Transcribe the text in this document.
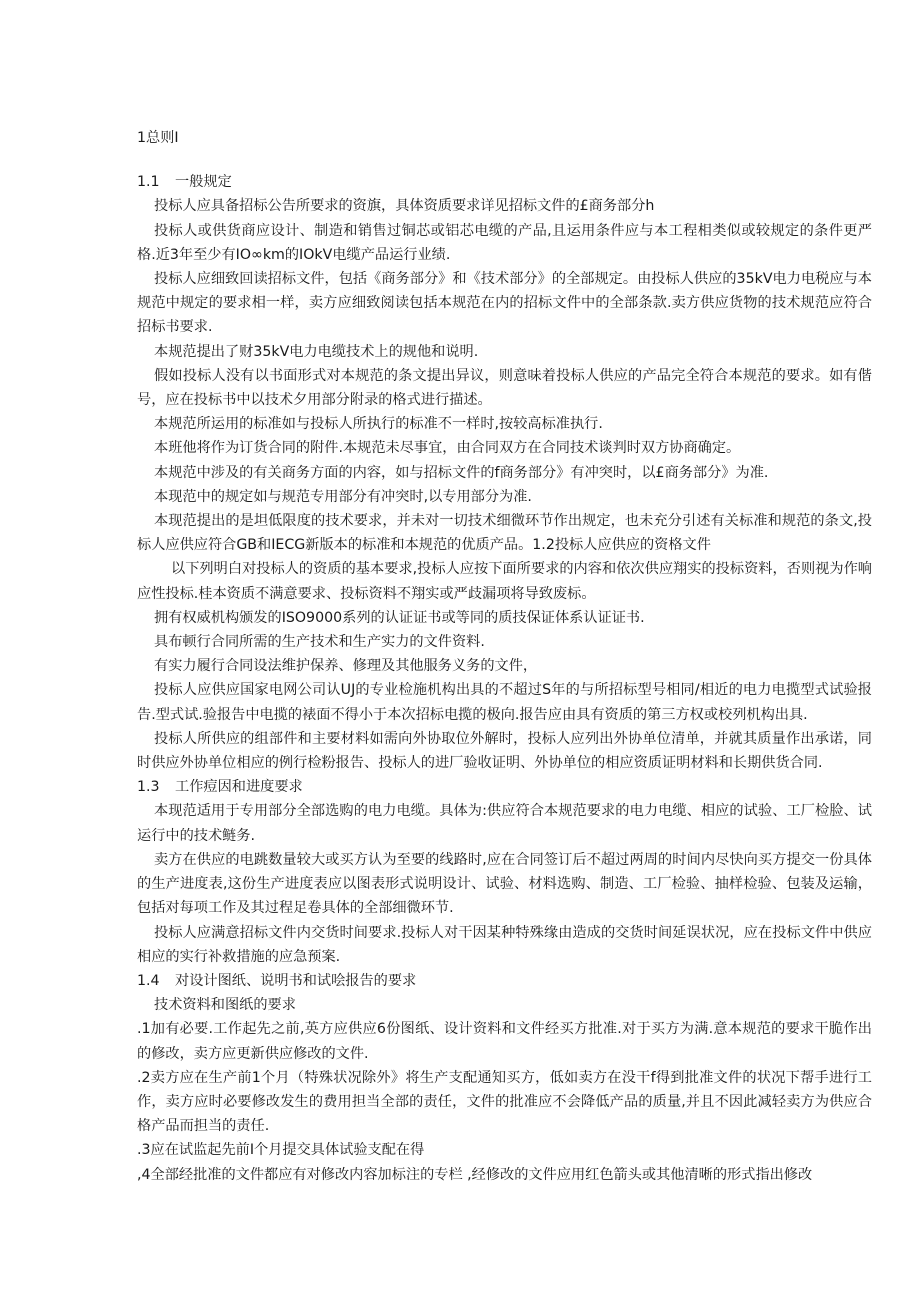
1总则I

1.1 一般规定

投标人应具备招标公告所要求的资旗，具体资质要求详见招标文件的£商务部分h

投标人或供货商应设计、制造和销售过铜芯或铝芯电缆的产品,且运用条件应与本工程相类似或较规定的条件更严格.近3年至少有IO∞km的IOkV电缆产品运行业绩.

投标人应细致回读招标文件，包括《商务部分》和《技术部分》的全部规定。由投标人供应的35kV电力电税应与本规范中规定的要求相一样，卖方应细致阅读包括本规范在内的招标文件中的全部条款.卖方供应货物的技术规范应符合招标书要求.

本规范提出了财35kV电力电缆技术上的规他和说明.

假如投标人没有以书面形式对本规范的条文提出异议，则意味着投标人供应的产品完全符合本规范的要求。如有偕号，应在投标书中以技术夕用部分附录的格式进行描述。

本规范所运用的标准如与投标人所执行的标准不一样时,按较高标准执行.

本班他将作为订货合同的附件.本规范未尽事宜，由合同双方在合同技术谈判时双方协商确定。

本规范中涉及的有关商务方面的内容，如与招标文件的f商务部分》有冲突时，以£商务部分》为准.

本现范中的规定如与规范专用部分有冲突时,以专用部分为准.

本现范提出的是坦低限度的技术要求，并未对一切技术细微环节作出规定，也未充分引述有关标准和规范的条文,投标人应供应符合GB和IECG新版本的标准和本规范的优质产品。1.2投标人应供应的资格文件

以下列明白对投标人的资质的基本要求,投标人应按下面所要求的内容和依次供应翔实的投标资料，否则视为作响应性投标.桂本资质不满意要求、投标资料不翔实或严歧漏项将导致废标。

拥有权威机构颁发的ISO9000系列的认证证书或等同的质技保证体系认证证书.

具布顿行合同所需的生产技术和生产实力的文件资料.

有实力履行合同设法维护保养、修理及其他服务义务的文件，

投标人应供应国家电网公司认UJ的专业检施机构出具的不超过S年的与所招标型号相同/相近的电力电揽型式试验报告.型式试.验报告中电揽的裱面不得小于本次招标电揽的极向.报告应由具有资质的第三方权或校列机构出具.

投标人所供应的组部件和主要材料如需向外协取位外解时，投标人应列出外协单位清单，并就其质量作出承诺，同时供应外协单位相应的例行检粉报告、投标人的进厂验收证明、外协单位的相应资质证明材料和长期供货合同.

1.3 工作痘因和进度要求

本现范适用于专用部分全部选购的电力电缆。具体为:供应符合本规范要求的电力电缆、相应的试验、工厂检脸、试运行中的技术鲢务.

卖方在供应的电跳数量较大或买方认为至要的线路时,应在合同签订后不超过两周的时间内尽快向买方提交一份具体的生产进度表,这份生产进度表应以图表形式说明设计、试验、材料选购、制造、工厂检验、抽样检验、包装及运输，包括对每项工作及其过程足卷具体的全部细微环节.

投标人应满意招标文件内交货时间要求.投标人对干因某种特殊缘由造成的交货时间延误状况，应在投标文件中供应相应的实行补救措施的应急预案.

1.4 对设计图纸、说明书和试哙报告的要求

技术资料和图纸的要求

.1加有必要.工作起先之前,英方应供应6份图纸、设计资料和文件经买方批准.对于买方为满.意本规范的要求干脆作出的修改，卖方应更新供应修改的文件.

.2卖方应在生产前1个月（特殊状况除外》将生产支配通知买方，低如卖方在没干f得到批准文件的状况下帮手进行工作，卖方应时必要修改发生的费用担当全部的责任，文件的批准应不会降低产品的质量,并且不因此减轻卖方为供应合格产品而担当的责任.

.3应在试监起先前I个月提交具体试验支配在得

,4全部经批准的文件都应有对修改内容加标注的专栏 ,经修改的文件应用红色箭头或其他清晰的形式指出修改
